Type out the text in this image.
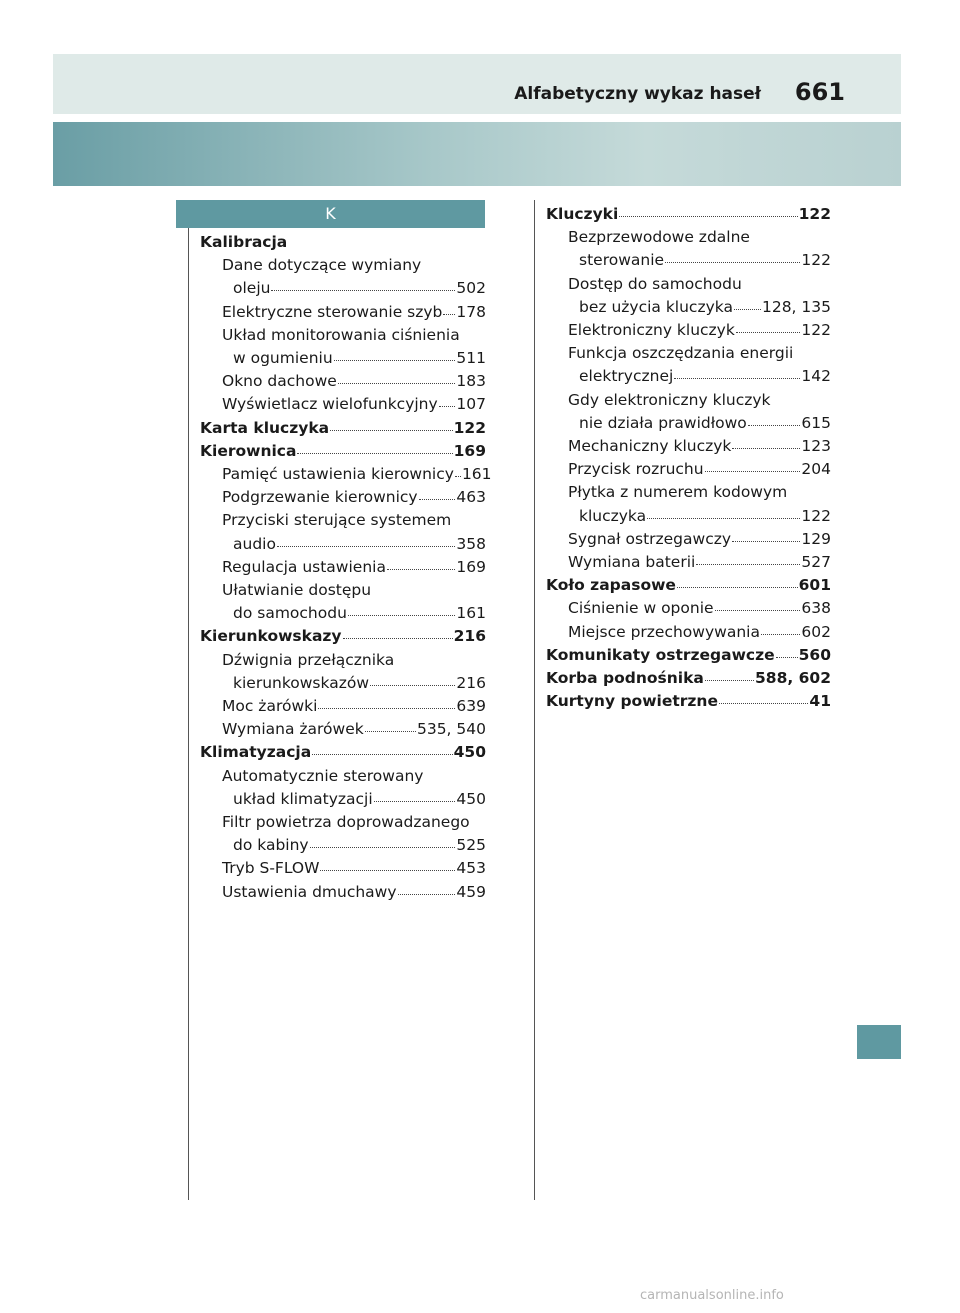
Alfabetyczny wykaz haseł 661
K
Kalibracja
Dane dotyczące wymiany
oleju	502
Elektryczne sterowanie szyb 178
Układ monitorowania ciśnienia
w ogumieniu	511
Okno dachowe	183
Wyświetlacz wielofunkcyjny 107
Karta kluczyka	122
Kierownica	169
Pamięć ustawienia kierownicy 161
Podgrzewanie kierownicy	463
Przyciski sterujące systemem
audio	358
Regulacja ustawienia	169
Ułatwianie dostępu
do samochodu	161
Kierunkowskazy	216
Dźwignia przełącznika
kierunkowskazów	216
Moc żarówki	639
Wymiana żarówek	535, 540
Klimatyzacja	450
Automatycznie sterowany
układ klimatyzacji	450
Filtr powietrza doprowadzanego
do kabiny	525
Tryb S-FLOW	453
Ustawienia dmuchawy	459
Kluczyki	122
Bezprzewodowe zdalne
sterowanie	122
Dostęp do samochodu
bez użycia kluczyka 128, 135
Elektroniczny kluczyk	122
Funkcja oszczędzania energii
elektrycznej	142
Gdy elektroniczny kluczyk
nie działa prawidłowo	615
Mechaniczny kluczyk	123
Przycisk rozruchu	204
Płytka z numerem kodowym
kluczyka	122
Sygnał ostrzegawczy	129
Wymiana baterii	527
Koło zapasowe	601
Ciśnienie w oponie	638
Miejsce przechowywania	602
Komunikaty ostrzegawcze 560
Korba podnośnika	588, 602
Kurtyny powietrzne	41
carmanualsonline.info
